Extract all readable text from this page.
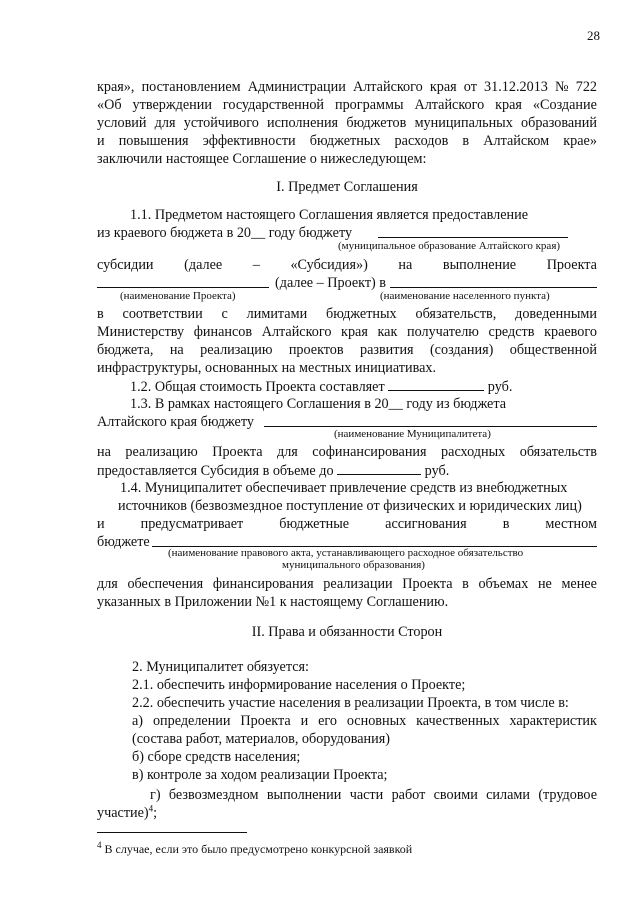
28
края», постановлением Администрации Алтайского края от 31.12.2013 № 722
«Об утверждении государственной программы Алтайского края «Создание
условий для устойчивого исполнения бюджетов муниципальных образований
и повышения эффективности бюджетных расходов в Алтайском крае»
заключили настоящее Соглашение о нижеследующем:
I. Предмет Соглашения
1.1. Предметом настоящего Соглашения является предоставление
из краевого бюджета в 20__ году бюджету
(муниципальное образование Алтайского края)
субсидии (далее – «Субсидия») на выполнение Проекта
(далее – Проект) в
(наименование Проекта)	(наименование населенного пункта)
в соответствии с лимитами бюджетных обязательств, доведенными
Министерству финансов Алтайского края как получателю средств краевого
бюджета, на реализацию проектов развития (создания) общественной
инфраструктуры, основанных на местных инициативах.
1.2. Общая стоимость Проекта составляет	руб.
1.3. В рамках настоящего Соглашения в 20__ году из бюджета
Алтайского края бюджету
(наименование Муниципалитета)
на реализацию Проекта для софинансирования расходных обязательств
предоставляется Субсидия в объеме до	руб.
1.4. Муниципалитет обеспечивает привлечение средств из внебюджетных
источников (безвозмездное поступление от физических и юридических лиц)
и	предусматривает	бюджетные	ассигнования	в	местном
бюджете
(наименование правового акта, устанавливающего расходное обязательство
муниципального образования)
для обеспечения финансирования реализации Проекта в объемах не менее
указанных в Приложении №1 к настоящему Соглашению.
II. Права и обязанности Сторон
2. Муниципалитет обязуется:
2.1. обеспечить информирование населения о Проекте;
2.2. обеспечить участие населения в реализации Проекта, в том числе в:
а) определении Проекта и его основных качественных характеристик
(состава работ, материалов, оборудования)
б) сборе средств населения;
в) контроле за ходом реализации Проекта;
г) безвозмездном выполнении части работ своими силами (трудовое
участие)$^4$;
$^4$ В случае, если это было предусмотрено конкурсной заявкой
